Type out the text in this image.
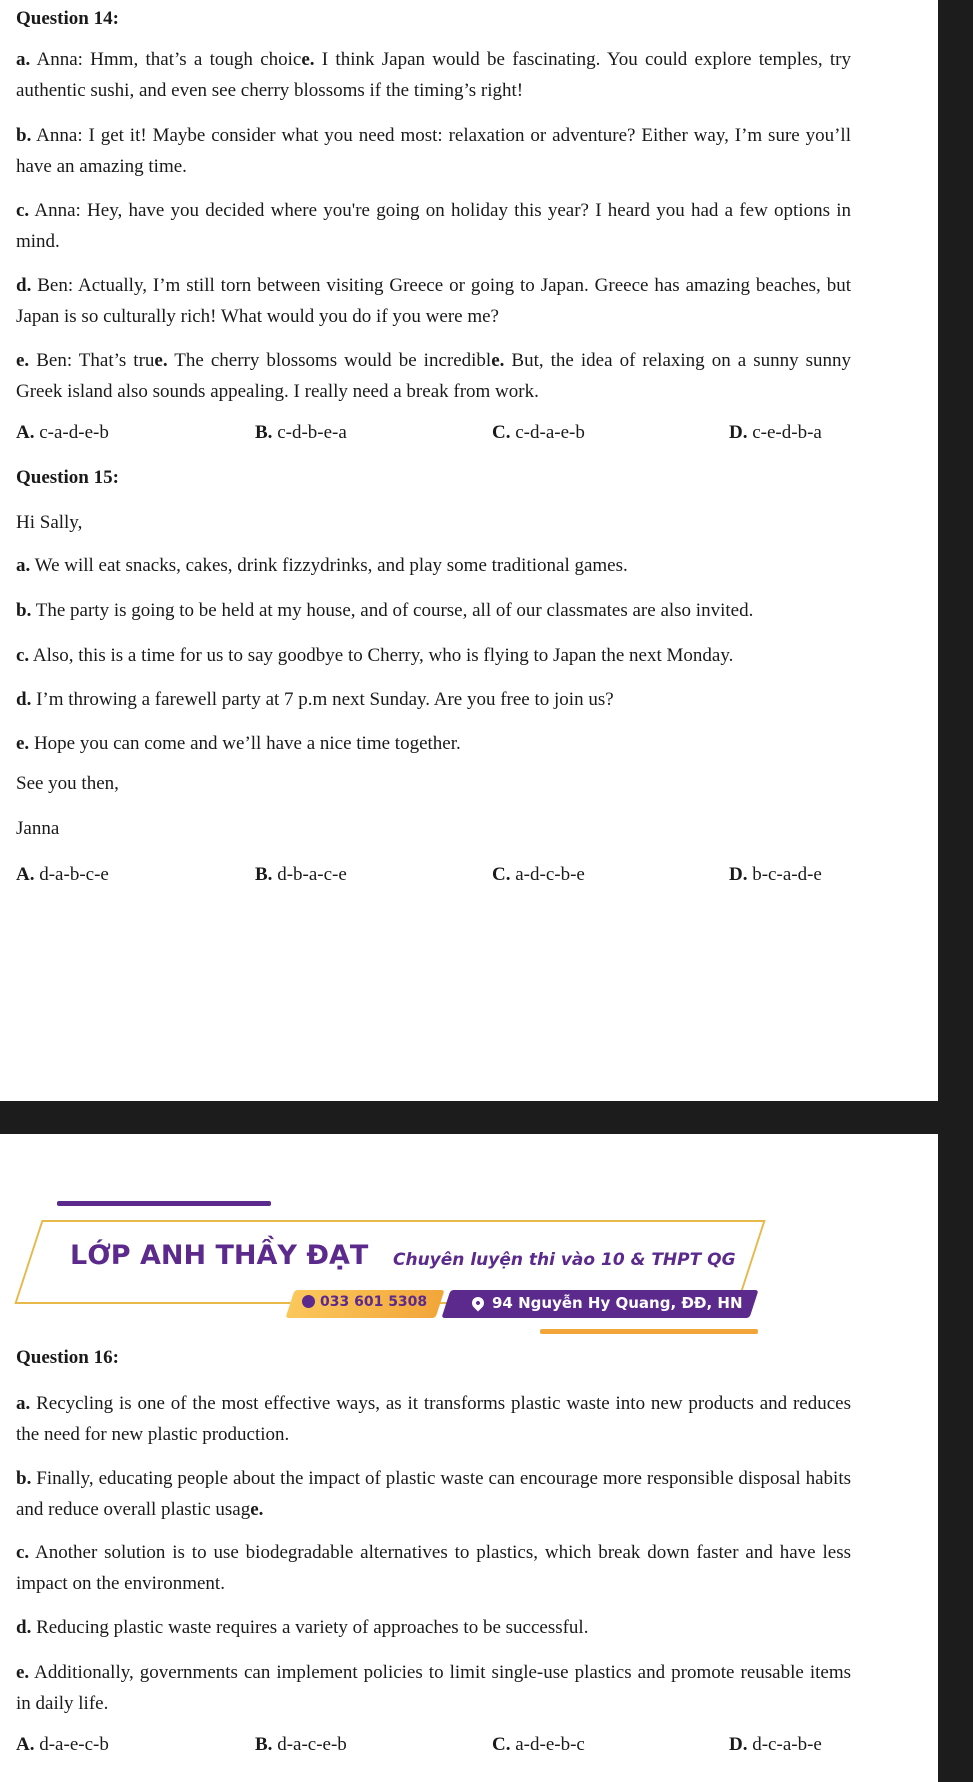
Question 14:
a. Anna: Hmm, that’s a tough choice. I think Japan would be fascinating. You could explore temples, try authentic sushi, and even see cherry blossoms if the timing’s right!
b. Anna: I get it! Maybe consider what you need most: relaxation or adventure? Either way, I’m sure you’ll have an amazing time.
c. Anna: Hey, have you decided where you're going on holiday this year? I heard you had a few options in mind.
d. Ben: Actually, I’m still torn between visiting Greece or going to Japan. Greece has amazing beaches, but Japan is so culturally rich! What would you do if you were me?
e. Ben: That’s true. The cherry blossoms would be incredible. But, the idea of relaxing on a sunny sunny Greek island also sounds appealing. I really need a break from work.
A. c-a-d-e-b	B. c-d-b-e-a	C. c-d-a-e-b	D. c-e-d-b-a
Question 15:
Hi Sally,
a. We will eat snacks, cakes, drink fizzydrinks, and play some traditional games.
b. The party is going to be held at my house, and of course, all of our classmates are also invited.
c. Also, this is a time for us to say goodbye to Cherry, who is flying to Japan the next Monday.
d. I’m throwing a farewell party at 7 p.m next Sunday. Are you free to join us?
e. Hope you can come and we’ll have a nice time together.
See you then,
Janna
A. d-a-b-c-e	B. d-b-a-c-e	C. a-d-c-b-e	D. b-c-a-d-e
LỚP ANH THẦY ĐẠT Chuyên luyện thi vào 10 & THPT QG
033 601 5308	94 Nguyễn Hy Quang, ĐĐ, HN
Question 16:
a. Recycling is one of the most effective ways, as it transforms plastic waste into new products and reduces the need for new plastic production.
b. Finally, educating people about the impact of plastic waste can encourage more responsible disposal habits and reduce overall plastic usage.
c. Another solution is to use biodegradable alternatives to plastics, which break down faster and have less impact on the environment.
d. Reducing plastic waste requires a variety of approaches to be successful.
e. Additionally, governments can implement policies to limit single-use plastics and promote reusable items in daily life.
A. d-a-e-c-b	B. d-a-c-e-b	C. a-d-e-b-c	D. d-c-a-b-e
